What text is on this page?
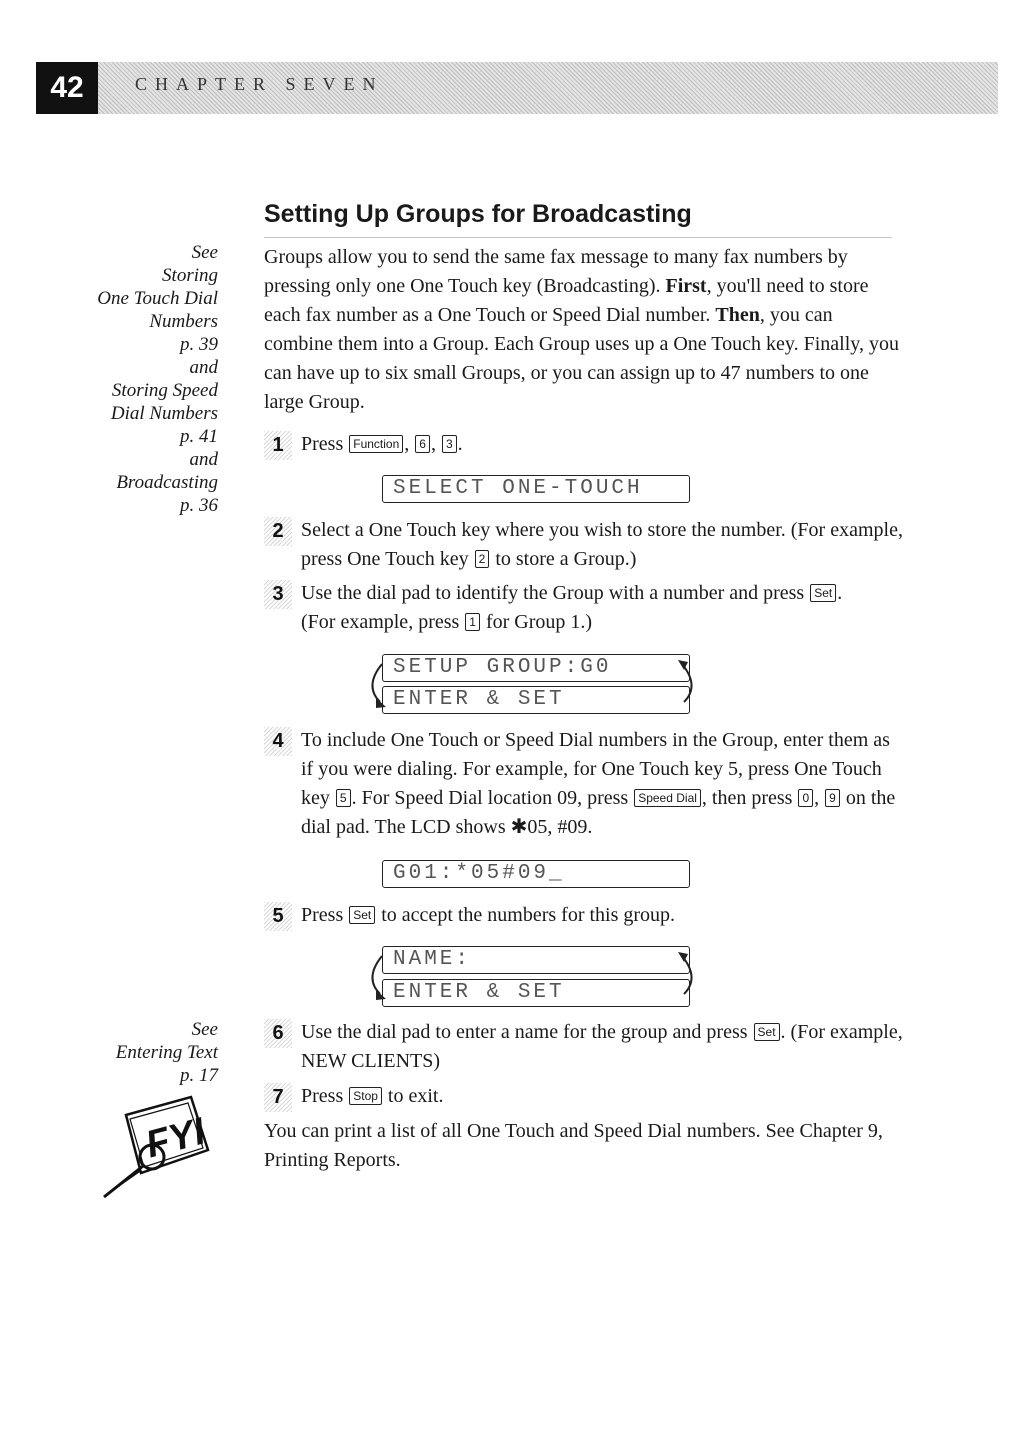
42	CHAPTER SEVEN
See
Storing
One Touch Dial
Numbers
p. 39
and
Storing Speed
Dial Numbers
p. 41
and
Broadcasting
p. 36
See
Entering Text
p. 17
FYI
Setting Up Groups for Broadcasting

Groups allow you to send the same fax message to many fax numbers by pressing only one One Touch key (Broadcasting). First, you'll need to store each fax number as a One Touch or Speed Dial number. Then, you can combine them into a Group. Each Group uses up a One Touch key. Finally, you can have up to six small Groups, or you can assign up to 47 numbers to one large Group.

1 Press Function , 6 , 3 .
SELECT ONE-TOUCH
2 Select a One Touch key where you wish to store the number. (For example, press One Touch key 2 to store a Group.)
3 Use the dial pad to identify the Group with a number and press Set .
(For example, press 1 for Group 1.)
SETUP GROUP:G0
ENTER & SET
4 To include One Touch or Speed Dial numbers in the Group, enter them as if you were dialing. For example, for One Touch key 5, press One Touch key 5 . For Speed Dial location 09, press Speed Dial , then press 0 , 9 on the dial pad. The LCD shows ✱05, #09.
G01:*05#09_
5 Press Set to accept the numbers for this group.
NAME:
ENTER & SET
6 Use the dial pad to enter a name for the group and press Set . (For example, NEW CLIENTS)
7 Press Stop to exit.

You can print a list of all One Touch and Speed Dial numbers. See Chapter 9, Printing Reports.
